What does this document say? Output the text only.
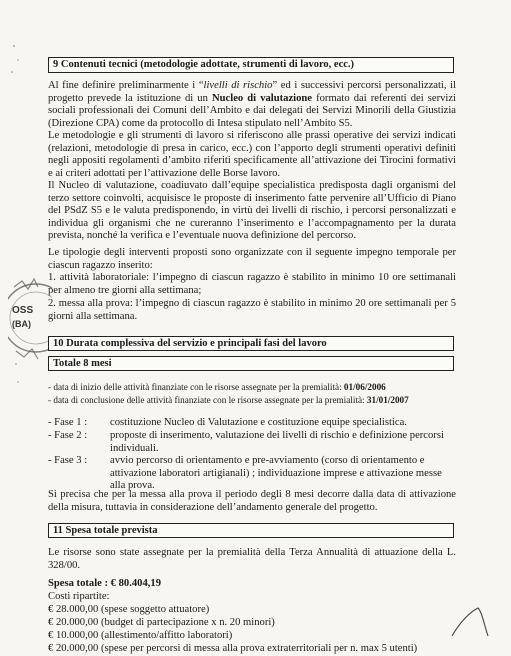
9 Contenuti tecnici (metodologie adottate, strumenti di lavoro, ecc.)
Al fine definire preliminarmente i “livelli di rischio” ed i successivi percorsi personalizzati, il progetto prevede la istituzione di un Nucleo di valutazione formato dai referenti dei servizi sociali professionali dei Comuni dell’Ambito e dai delegati dei Servizi Minorili della Giustizia (Direzione CPA) come da protocollo di Intesa stipulato nell’Ambito S5.
Le metodologie e gli strumenti di lavoro si riferiscono alle prassi operative dei servizi indicati (relazioni, metodologie di presa in carico, ecc.) con l’apporto degli strumenti operativi definiti negli appositi regolamenti d’ambito riferiti specificamente all’attivazione dei Tirocini formativi e ai criteri adottati per l’attivazione delle Borse lavoro.
Il Nucleo di valutazione, coadiuvato dall’equipe specialistica predisposta dagli organismi del terzo settore coinvolti, acquisisce le proposte di inserimento fatte pervenire all’Ufficio di Piano del PSdZ S5 e le valuta predisponendo, in virtù dei livelli di rischio, i percorsi personalizzati e individua gli organismi che ne cureranno l’inserimento e l’accompagnamento per la durata prevista, nonché la verifica e l’eventuale nuova definizione del percorso.
Le tipologie degli interventi proposti sono organizzate con il seguente impegno temporale per ciascun ragazzo inserito:
1. attività laboratoriale: l’impegno di ciascun ragazzo è stabilito in minimo 10 ore settimanali per almeno tre giorni alla settimana;
2. messa alla prova: l’impegno di ciascun ragazzo è stabilito in minimo 20 ore settimanali per 5 giorni alla settimana.
OSS
(BA)
10 Durata complessiva del servizio e principali fasi del lavoro
Totale 8 mesi
- data di inizio delle attività finanziate con le risorse assegnate per la premialità: 01/06/2006
- data di conclusione delle attività finanziate con le risorse assegnate per la premialità: 31/01/2007
- Fase 1 :	costituzione Nucleo di Valutazione e costituzione equipe specialistica.
- Fase 2 :	proposte di inserimento, valutazione dei livelli di rischio e definizione percorsi individuali.
- Fase 3 :	avvio percorso di orientamento e pre-avviamento (corso di orientamento e attivazione laboratori artigianali) ; individuazione imprese e attivazione messe alla prova.
Si precisa che per la messa alla prova il periodo degli 8 mesi decorre dalla data di attivazione della misura, tuttavia in considerazione dell’andamento generale del progetto.
11 Spesa totale prevista
Le risorse sono state assegnate per la premialità della Terza Annualità di attuazione della L. 328/00.
Spesa totale : € 80.404,19
Costi ripartite:
€ 28.000,00 (spese soggetto attuatore)
€ 20.000,00 (budget di partecipazione x n. 20 minori)
€ 10.000,00 (allestimento/affitto laboratori)
€ 20.000,00 (spese per percorsi di messa alla prova extraterritoriali per n. max 5 utenti)
